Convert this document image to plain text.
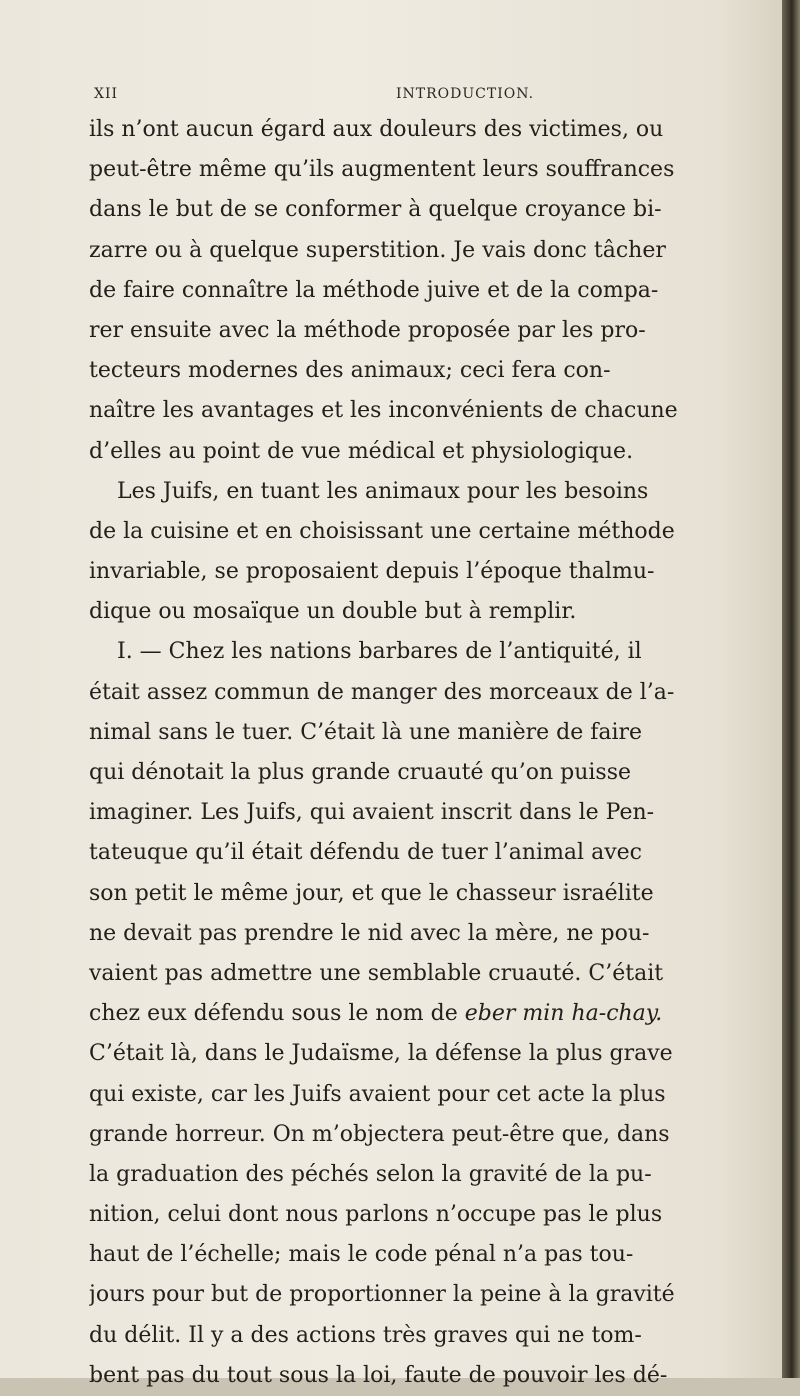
XII	INTRODUCTION.
ils n’ont aucun égard aux douleurs des victimes, ou
peut-être même qu’ils augmentent leurs souffrances
dans le but de se conformer à quelque croyance bi-
zarre ou à quelque superstition. Je vais donc tâcher
de faire connaître la méthode juive et de la compa-
rer ensuite avec la méthode proposée par les pro-
tecteurs modernes des animaux; ceci fera con-
naître les avantages et les inconvénients de chacune
d’elles au point de vue médical et physiologique.
Les Juifs, en tuant les animaux pour les besoins
de la cuisine et en choisissant une certaine méthode
invariable, se proposaient depuis l’époque thalmu-
dique ou mosaïque un double but à remplir.
I. — Chez les nations barbares de l’antiquité, il
était assez commun de manger des morceaux de l’a-
nimal sans le tuer. C’était là une manière de faire
qui dénotait la plus grande cruauté qu’on puisse
imaginer. Les Juifs, qui avaient inscrit dans le Pen-
tateuque qu’il était défendu de tuer l’animal avec
son petit le même jour, et que le chasseur israélite
ne devait pas prendre le nid avec la mère, ne pou-
vaient pas admettre une semblable cruauté. C’était
chez eux défendu sous le nom de eber min ha-chay.
C’était là, dans le Judaïsme, la défense la plus grave
qui existe, car les Juifs avaient pour cet acte la plus
grande horreur. On m’objectera peut-être que, dans
la graduation des péchés selon la gravité de la pu-
nition, celui dont nous parlons n’occupe pas le plus
haut de l’échelle; mais le code pénal n’a pas tou-
jours pour but de proportionner la peine à la gravité
du délit. Il y a des actions très graves qui ne tom-
bent pas du tout sous la loi, faute de pouvoir les dé-
